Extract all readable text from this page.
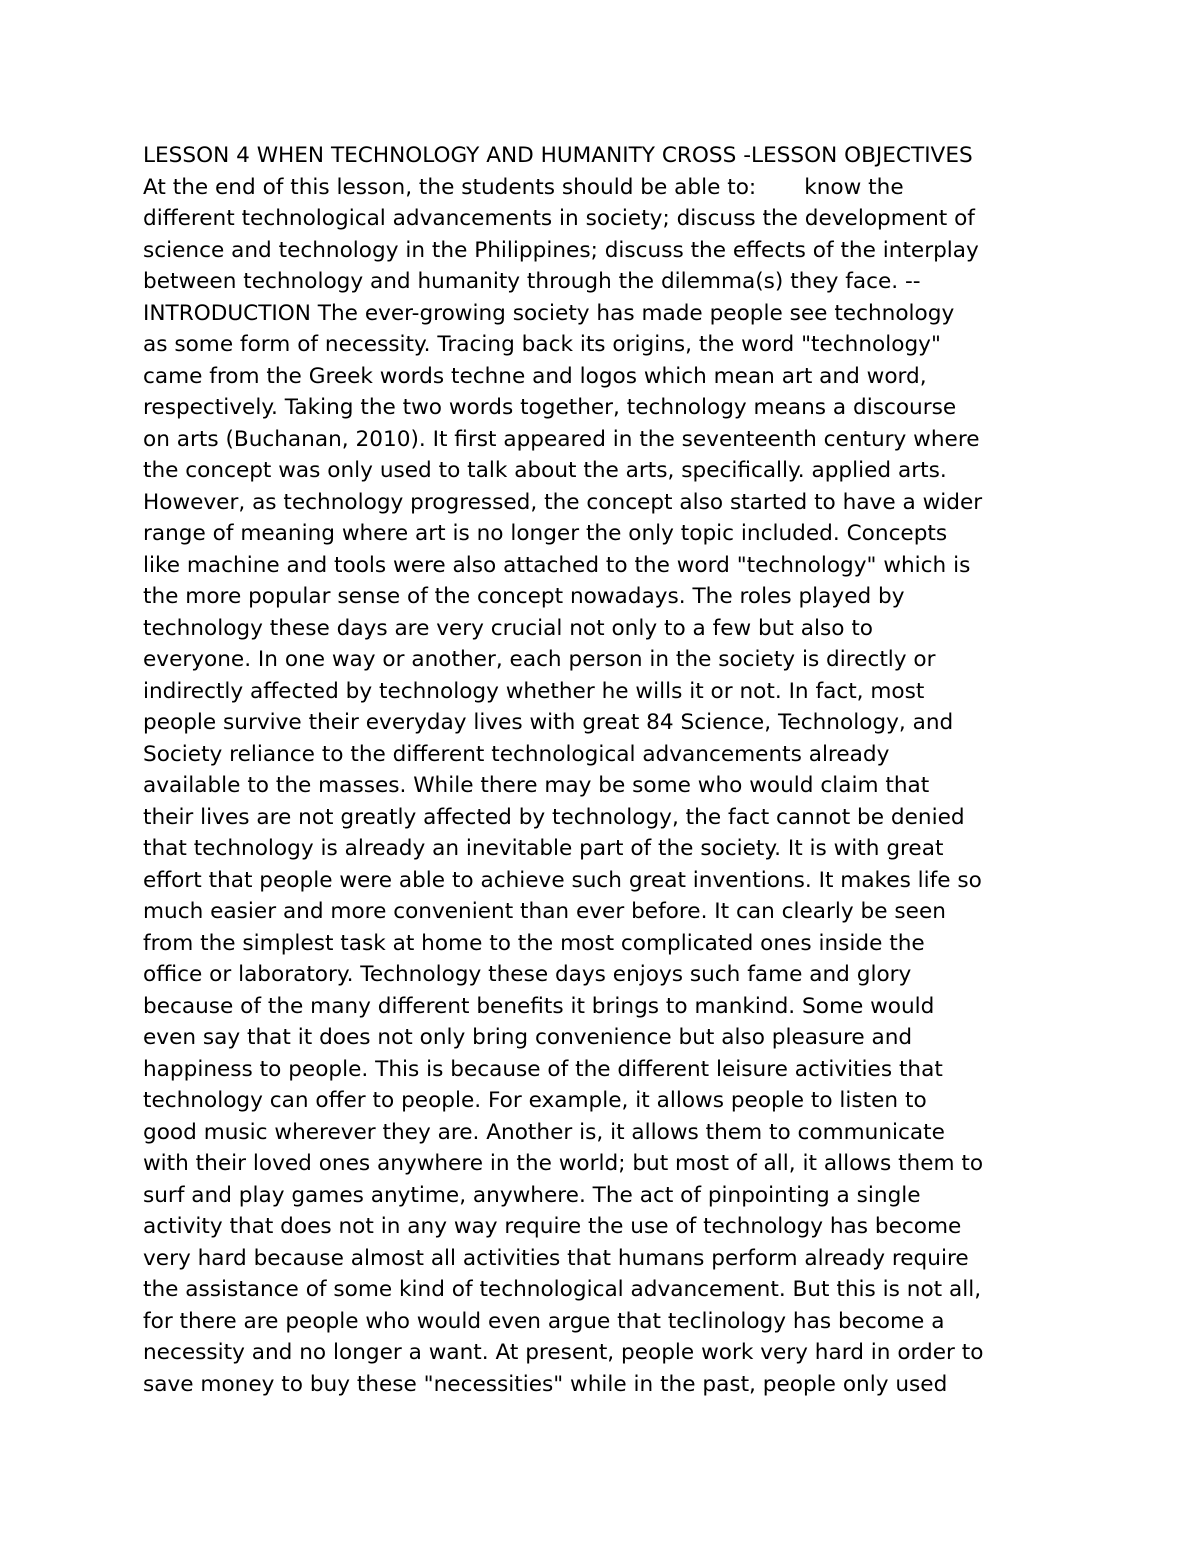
LESSON 4 WHEN TECHNOLOGY AND HUMANITY CROSS -LESSON OBJECTIVES
At the end of this lesson, the students should be able to:       know the
different technological advancements in society; discuss the development of
science and technology in the Philippines; discuss the effects of the interplay
between technology and humanity through the dilemma(s) they face. --
INTRODUCTION The ever-growing society has made people see technology
as some form of necessity. Tracing back its origins, the word "technology"
came from the Greek words techne and logos which mean art and word,
respectively. Taking the two words together, technology means a discourse
on arts (Buchanan, 2010). It first appeared in the seventeenth century where
the concept was only used to talk about the arts, specifically. applied arts.
However, as technology progressed, the concept also started to have a wider
range of meaning where art is no longer the only topic included. Concepts
like machine and tools were also attached to the word "technology" which is
the more popular sense of the concept nowadays. The roles played by
technology these days are very crucial not only to a few but also to
everyone. In one way or another, each person in the society is directly or
indirectly affected by technology whether he wills it or not. In fact, most
people survive their everyday lives with great 84 Science, Technology, and
Society reliance to the different technological advancements already
available to the masses. While there may be some who would claim that
their lives are not greatly affected by technology, the fact cannot be denied
that technology is already an inevitable part of the society. It is with great
effort that people were able to achieve such great inventions. It makes life so
much easier and more convenient than ever before. It can clearly be seen
from the simplest task at home to the most complicated ones inside the
office or laboratory. Technology these days enjoys such fame and glory
because of the many different benefits it brings to mankind. Some would
even say that it does not only bring convenience but also pleasure and
happiness to people. This is because of the different leisure activities that
technology can offer to people. For example, it allows people to listen to
good music wherever they are. Another is, it allows them to communicate
with their loved ones anywhere in the world; but most of all, it allows them to
surf and play games anytime, anywhere. The act of pinpointing a single
activity that does not in any way require the use of technology has become
very hard because almost all activities that humans perform already require
the assistance of some kind of technological advancement. But this is not all,
for there are people who would even argue that teclinology has become a
necessity and no longer a want. At present, people work very hard in order to
save money to buy these "necessities" while in the past, people only used
